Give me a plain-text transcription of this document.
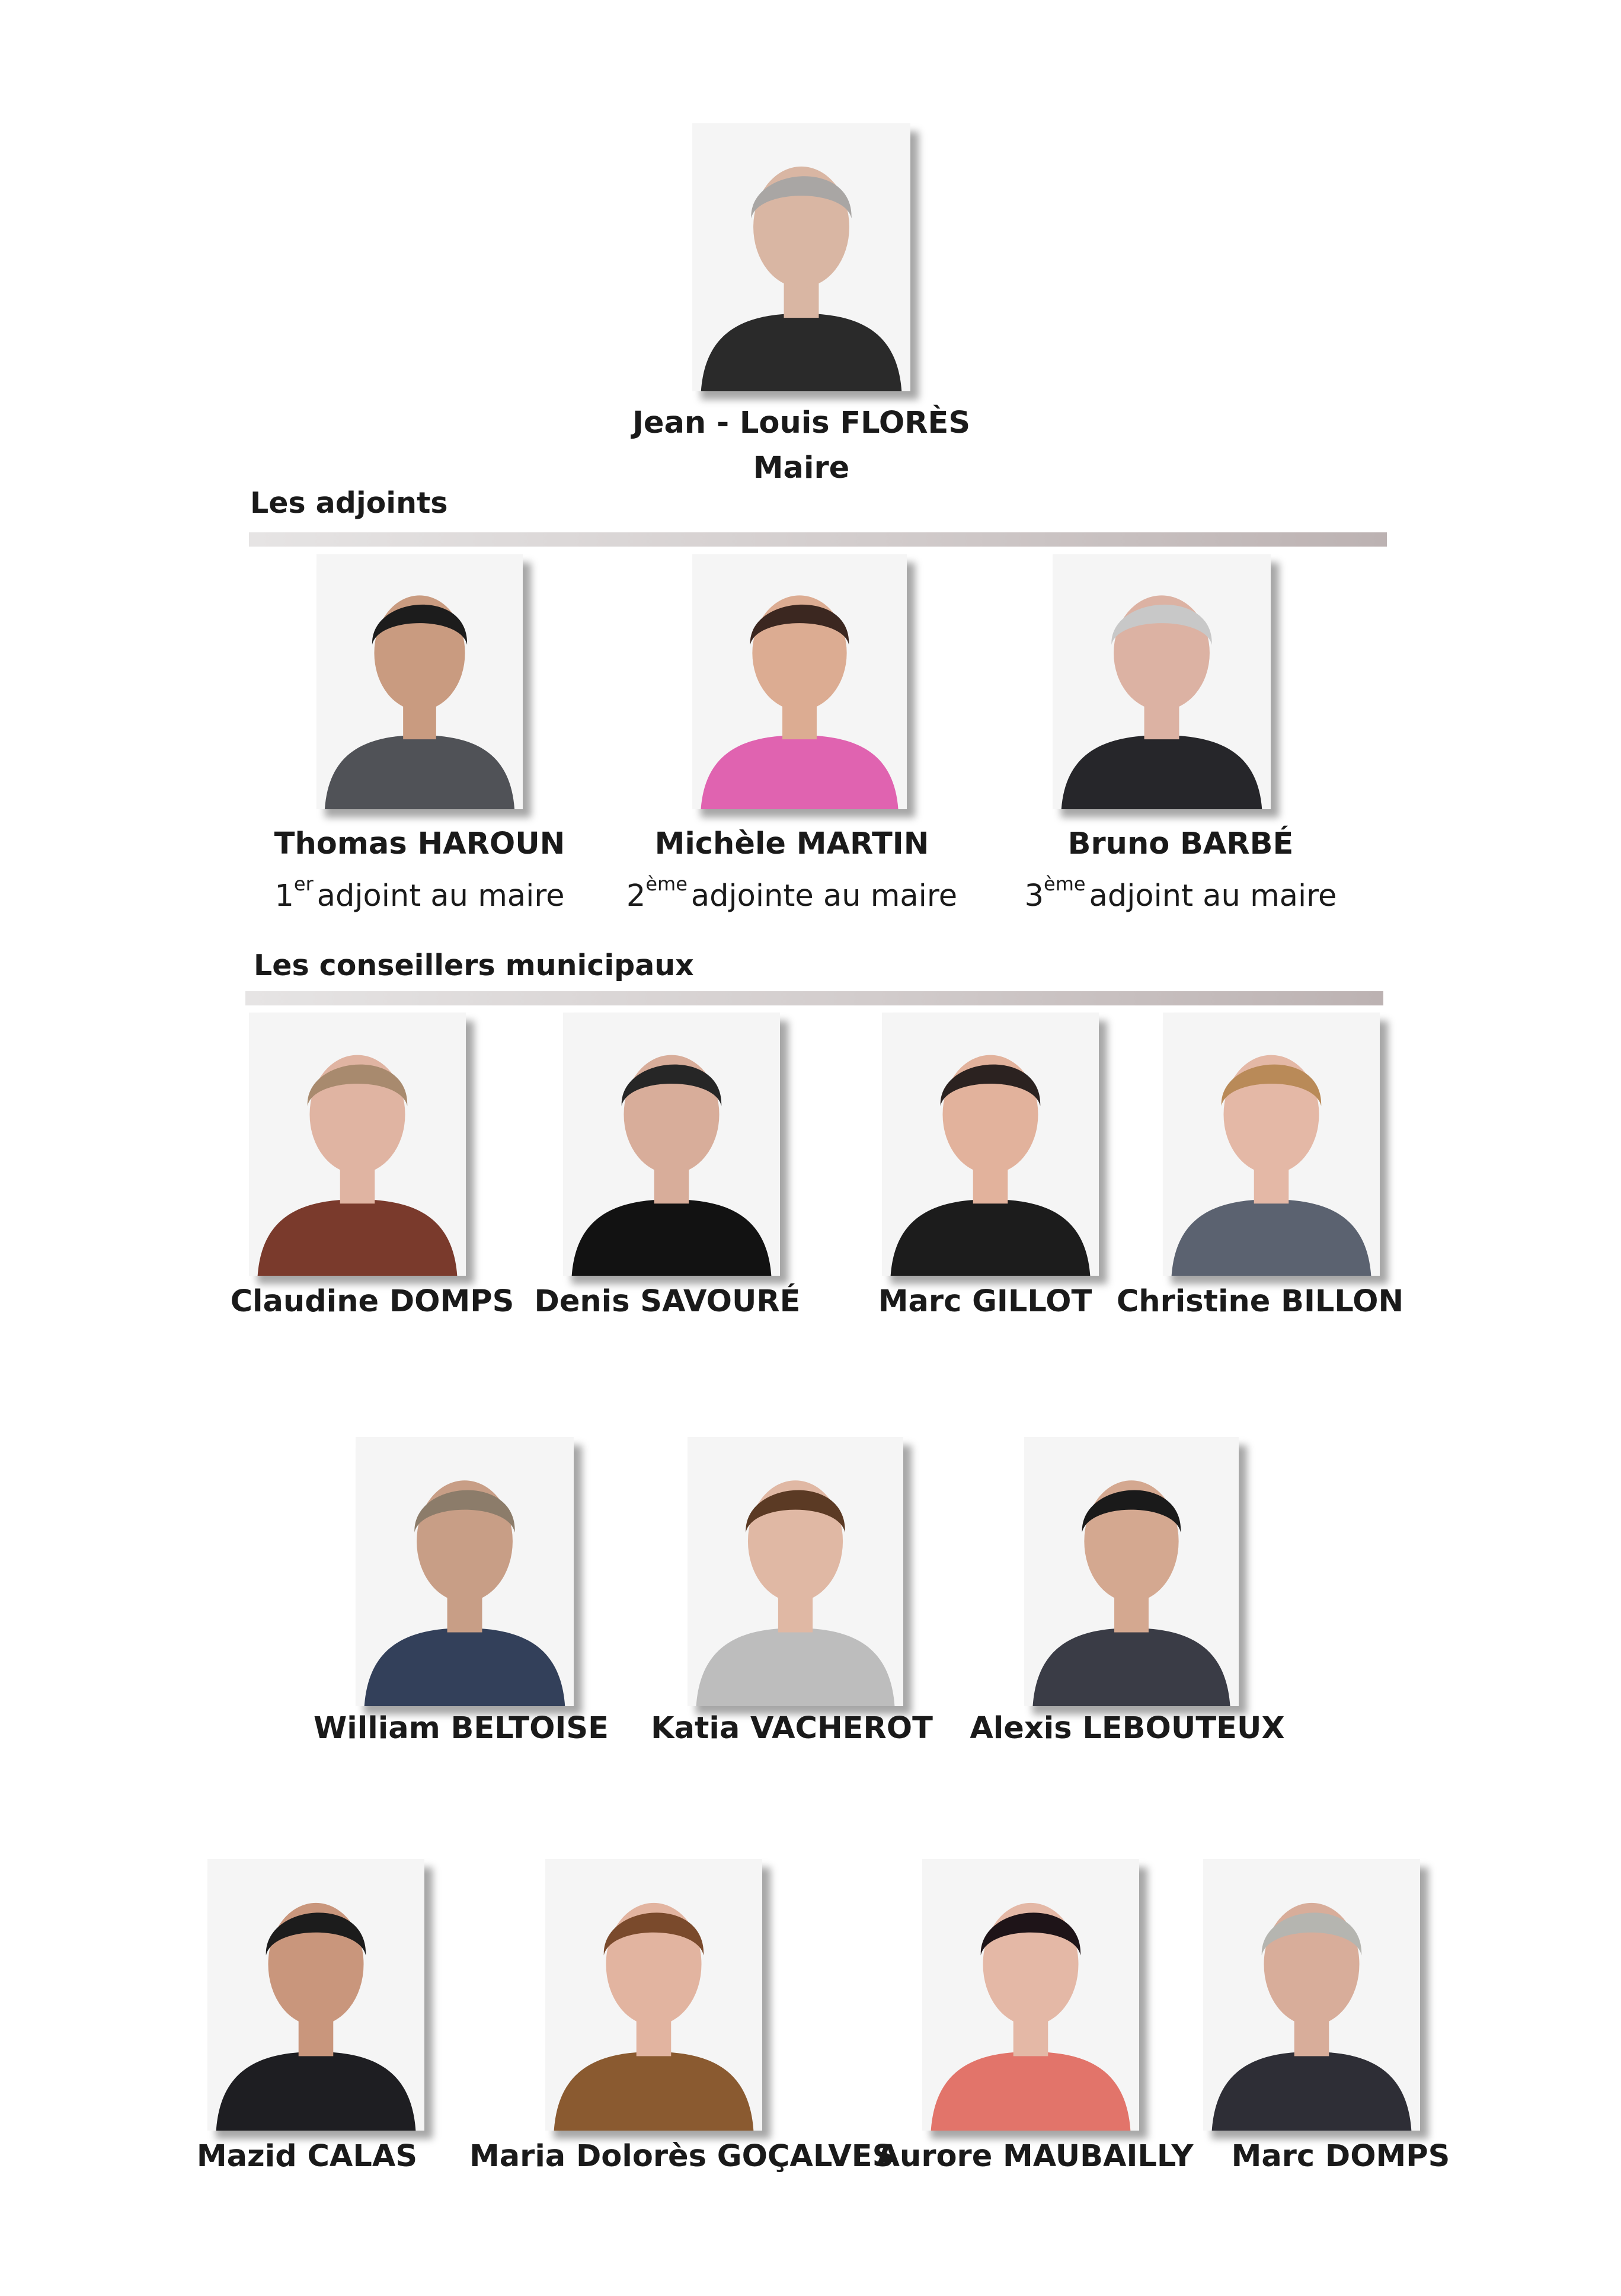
Jean - Louis FLORÈS
Maire
Les adjoints
Thomas HAROUN
1er adjoint au maire
Michèle MARTIN
2ème adjointe au maire
Bruno BARBÉ
3ème adjoint au maire
Les conseillers municipaux
Claudine DOMPS Denis SAVOURÉ	Marc GILLOT Christine BILLON
William BELTOISE	Katia VACHEROT	Alexis LEBOUTEUX
Mazid CALAS	Maria Dolorès GOÇALVES
Aurore MAUBAILLY	Marc DOMPS
